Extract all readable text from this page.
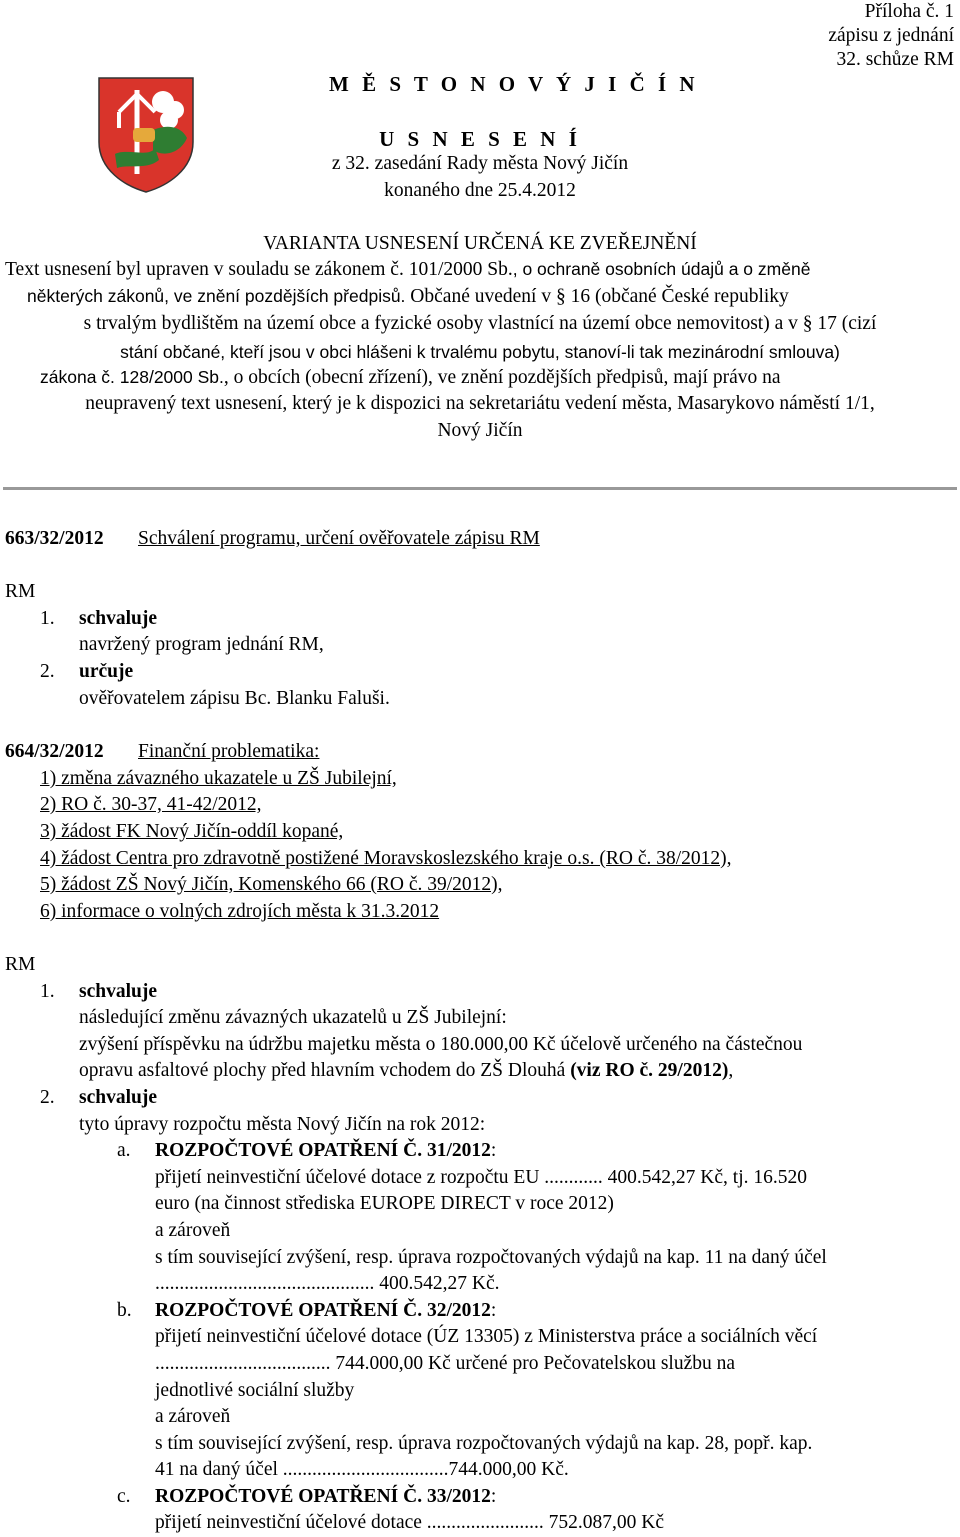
Příloha č. 1
zápisu z jednání
32. schůze RM
M Ě S T O N O V Ý J I Č Í N
U S N E S E N Í
z 32. zasedání Rady města Nový Jičín
konaného dne 25.4.2012
VARIANTA USNESENÍ URČENÁ KE ZVEŘEJNĚNÍ
Text usnesení byl upraven v souladu se zákonem č. 101/2000 Sb., o ochraně osobních údajů a o změně
některých zákonů, ve znění pozdějších předpisů. Občané uvedení v § 16 (občané České republiky
s trvalým bydlištěm na území obce a fyzické osoby vlastnící na území obce nemovitost) a v § 17 (cizí
stání občané, kteří jsou v obci hlášeni k trvalému pobytu, stanoví-li tak mezinárodní smlouva)
zákona č. 128/2000 Sb., o obcích (obecní zřízení), ve znění pozdějších předpisů, mají právo na
neupravený text usnesení, který je k dispozici na sekretariátu vedení města, Masarykovo náměstí 1/1,
Nový Jičín
663/32/2012 Schválení programu, určení ověřovatele zápisu RM
RM
1. schvaluje
navržený program jednání RM,
2. určuje
ověřovatelem zápisu Bc. Blanku Faluši.
664/32/2012 Finanční problematika:
1) změna závazného ukazatele u ZŠ Jubilejní,
2) RO č. 30-37, 41-42/2012,
3) žádost FK Nový Jičín-oddíl kopané,
4) žádost Centra pro zdravotně postižené Moravskoslezského kraje o.s. (RO č. 38/2012),
5) žádost ZŠ Nový Jičín, Komenského 66 (RO č. 39/2012),
6) informace o volných zdrojích města k 31.3.2012
RM
1. schvaluje
následující změnu závazných ukazatelů u ZŠ Jubilejní:
zvýšení příspěvku na údržbu majetku města o 180.000,00 Kč účelově určeného na částečnou
opravu asfaltové plochy před hlavním vchodem do ZŠ Dlouhá (viz RO č. 29/2012),
2. schvaluje
tyto úpravy rozpočtu města Nový Jičín na rok 2012:
a. ROZPOČTOVÉ OPATŘENÍ Č. 31/2012:
přijetí neinvestiční účelové dotace z rozpočtu EU ............ 400.542,27 Kč, tj. 16.520
euro (na činnost střediska EUROPE DIRECT v roce 2012)
a zároveň
s tím související zvýšení, resp. úprava rozpočtovaných výdajů na kap. 11 na daný účel
............................................. 400.542,27 Kč.
b. ROZPOČTOVÉ OPATŘENÍ Č. 32/2012:
přijetí neinvestiční účelové dotace (ÚZ 13305) z Ministerstva práce a sociálních věcí
.................................... 744.000,00 Kč určené pro Pečovatelskou službu na
jednotlivé sociální služby
a zároveň
s tím související zvýšení, resp. úprava rozpočtovaných výdajů na kap. 28, popř. kap.
41 na daný účel ..................................744.000,00 Kč.
c. ROZPOČTOVÉ OPATŘENÍ Č. 33/2012:
přijetí neinvestiční účelové dotace ........................ 752.087,00 Kč
